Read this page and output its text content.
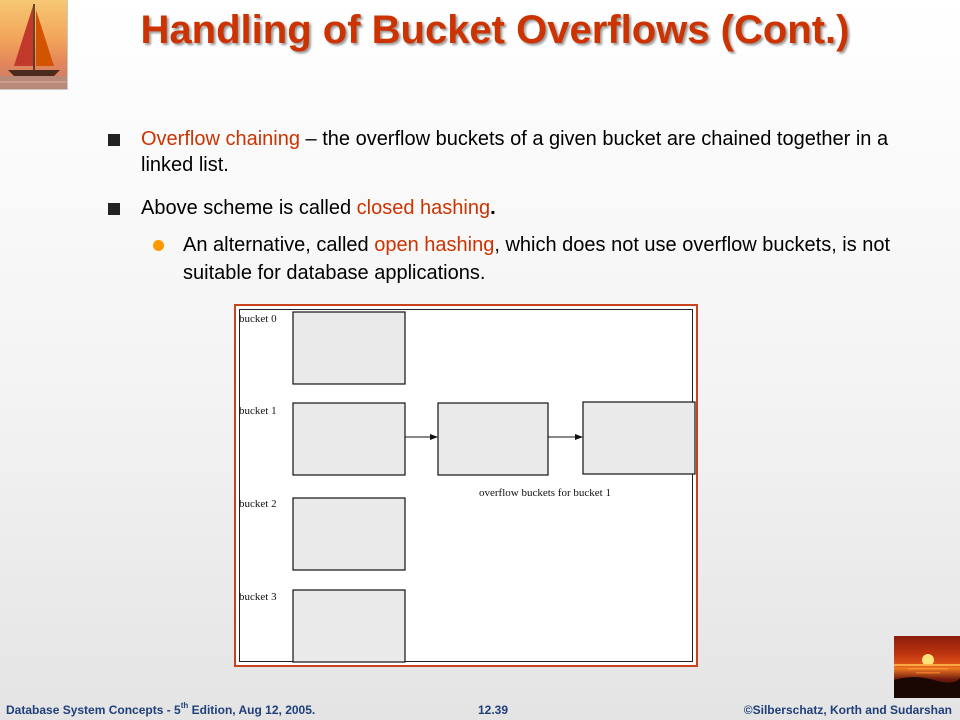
Handling of Bucket Overflows (Cont.)
Overflow chaining – the overflow buckets of a given bucket are chained together in a linked list.
Above scheme is called closed hashing.
An alternative, called open hashing, which does not use overflow buckets, is not suitable for database applications.
bucket 0
bucket 1
bucket 2
bucket 3
overflow buckets for bucket 1
Database System Concepts - 5th Edition, Aug 12, 2005.	12.39	©Silberschatz, Korth and Sudarshan
